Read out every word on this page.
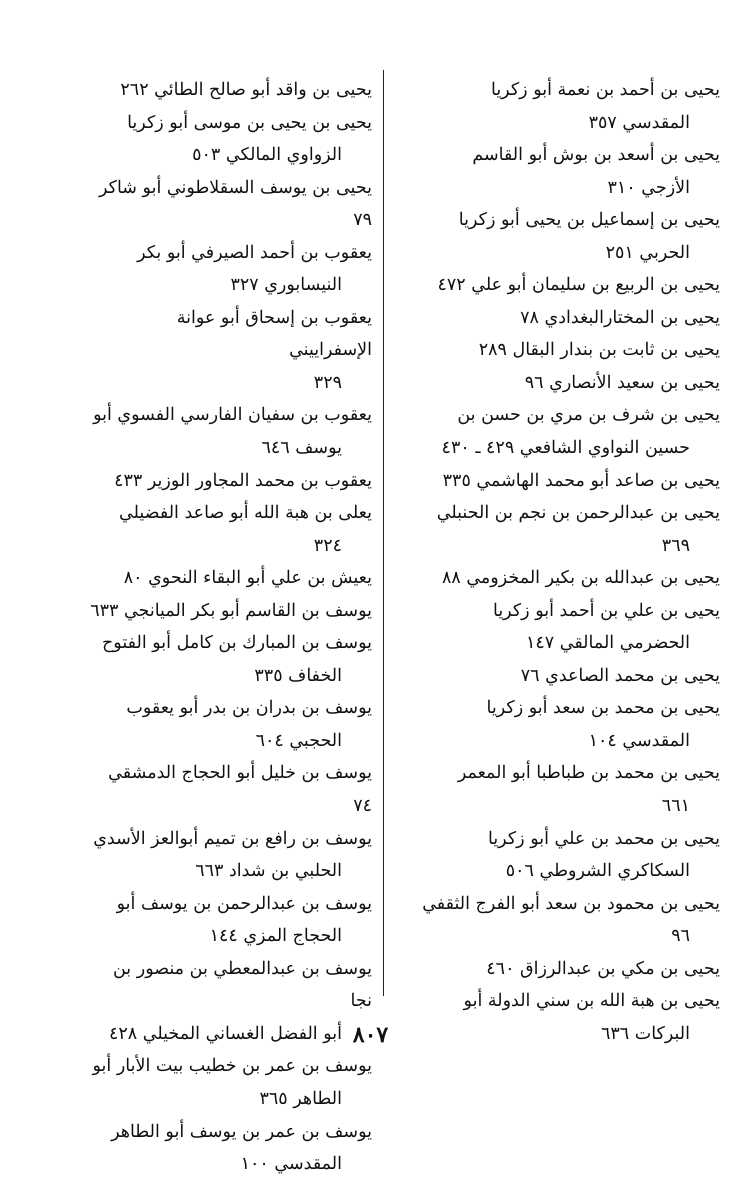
يحيى بن أحمد بن نعمة أبو زكريا
المقدسي ٣٥٧
يحيى بن أسعد بن بوش أبو القاسم
الأزجي ٣١٠
يحيى بن إسماعيل بن يحيى أبو زكريا
الحربي ٢٥١
يحيى بن الربيع بن سليمان أبو علي ٤٧٢
يحيى بن المختارالبغدادي ٧٨
يحيى بن ثابت بن بندار البقال ٢٨٩
يحيى بن سعيد الأنصاري ٩٦
يحيى بن شرف بن مري بن حسن بن
حسين النواوي الشافعي ٤٢٩ ـ ٤٣٠
يحيى بن صاعد أبو محمد الهاشمي ٣٣٥
يحيى بن عبدالرحمن بن نجم بن الحنبلي
٣٦٩
يحيى بن عبدالله بن بكير المخزومي ٨٨
يحيى بن علي بن أحمد أبو زكريا
الحضرمي المالقي ١٤٧
يحيى بن محمد الصاعدي ٧٦
يحيى بن محمد بن سعد أبو زكريا
المقدسي ١٠٤
يحيى بن محمد بن طباطبا أبو المعمر
٦٦١
يحيى بن محمد بن علي أبو زكريا
السكاكري الشروطي ٥٠٦
يحيى بن محمود بن سعد أبو الفرج الثقفي
٩٦
يحيى بن مكي بن عبدالرزاق ٤٦٠
يحيى بن هبة الله بن سني الدولة أبو
البركات ٦٣٦
يحيى بن واقد أبو صالح الطائي ٢٦٢
يحيى بن يحيى بن موسى أبو زكريا
الزواوي المالكي ٥٠٣
يحيى بن يوسف السقلاطوني أبو شاكر ٧٩
يعقوب بن أحمد الصيرفي أبو بكر
النيسابوري ٣٢٧
يعقوب بن إسحاق أبو عوانة الإسفراييني
٣٢٩
يعقوب بن سفيان الفارسي الفسوي أبو
يوسف ٦٤٦
يعقوب بن محمد المجاور الوزير ٤٣٣
يعلى بن هبة الله أبو صاعد الفضيلي
٣٢٤
يعيش بن علي أبو البقاء النحوي ٨٠
يوسف بن القاسم أبو بكر الميانجي ٦٣٣
يوسف بن المبارك بن كامل أبو الفتوح
الخفاف ٣٣٥
يوسف بن بدران بن بدر أبو يعقوب
الحجبي ٦٠٤
يوسف بن خليل أبو الحجاج الدمشقي ٧٤
يوسف بن رافع بن تميم أبوالعز الأسدي
الحلبي بن شداد ٦٦٣
يوسف بن عبدالرحمن بن يوسف أبو
الحجاج المزي ١٤٤
يوسف بن عبدالمعطي بن منصور بن نجا
أبو الفضل الغساني المخيلي ٤٢٨
يوسف بن عمر بن خطيب بيت الأبار أبو
الطاهر ٣٦٥
يوسف بن عمر بن يوسف أبو الطاهر
المقدسي ١٠٠
٨٠٧
